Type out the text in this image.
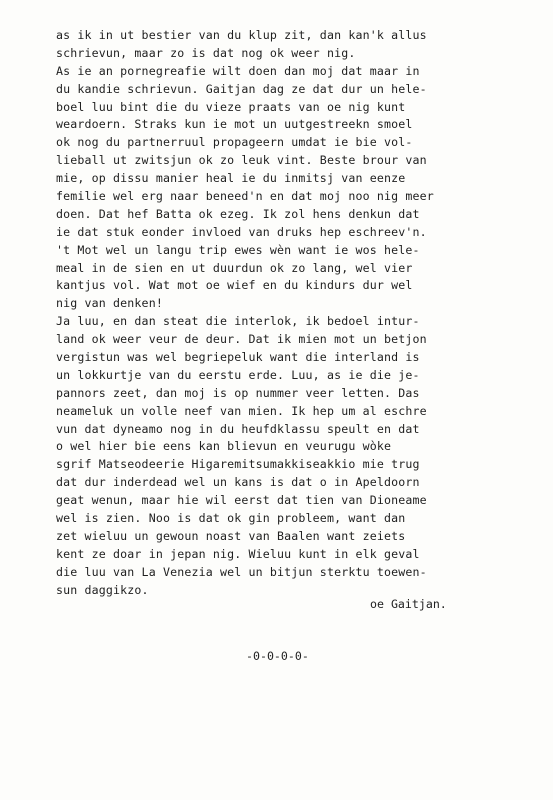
as ik in ut bestier van du klup zit, dan kan'k allus
schrievun, maar zo is dat nog ok weer nig.
As ie an pornegreafie wilt doen dan moj dat maar in
du kandie schrievun. Gaitjan dag ze dat dur un hele-
boel luu bint die du vieze praats van oe nig kunt
weardoern. Straks kun ie mot un uutgestreekn smoel
ok nog du partnerruul propageern umdat ie bie vol-
lieball ut zwitsjun ok zo leuk vint. Beste brour van
mie, op dissu manier heal ie du inmitsj van eenze
femilie wel erg naar beneed'n en dat moj noo nig meer
doen. Dat hef Batta ok ezeg. Ik zol hens denkun dat
ie dat stuk eonder invloed van druks hep eschreev'n.
't Mot wel un langu trip ewes wèn want ie wos hele-
meal in de sien en ut duurdun ok zo lang, wel vier
kantjus vol. Wat mot oe wief en du kindurs dur wel
nig van denken!
Ja luu, en dan steat die interlok, ik bedoel intur-
land ok weer veur de deur. Dat ik mien mot un betjon
vergistun was wel begriepeluk want die interland is
un lokkurtje van du eerstu erde. Luu, as ie die je-
pannors zeet, dan moj is op nummer veer letten. Das
neameluk un volle neef van mien. Ik hep um al eschre
vun dat dyneamo nog in du heufdklassu speult en dat
o wel hier bie eens kan blievun en veurugu wòke
sgrif Matseodeerie Higaremitsumakkiseakkio mie trug
dat dur inderdead wel un kans is dat o in Apeldoorn
geat wenun, maar hie wil eerst dat tien van Dioneame
wel is zien. Noo is dat ok gin probleem, want dan
zet wieluu un gewoun noast van Baalen want zeiets
kent ze doar in jepan nig. Wieluu kunt in elk geval
die luu van La Venezia wel un bitjun sterktu toewen-
sun daggikzo.
oe Gaitjan.
-0-0-0-0-
